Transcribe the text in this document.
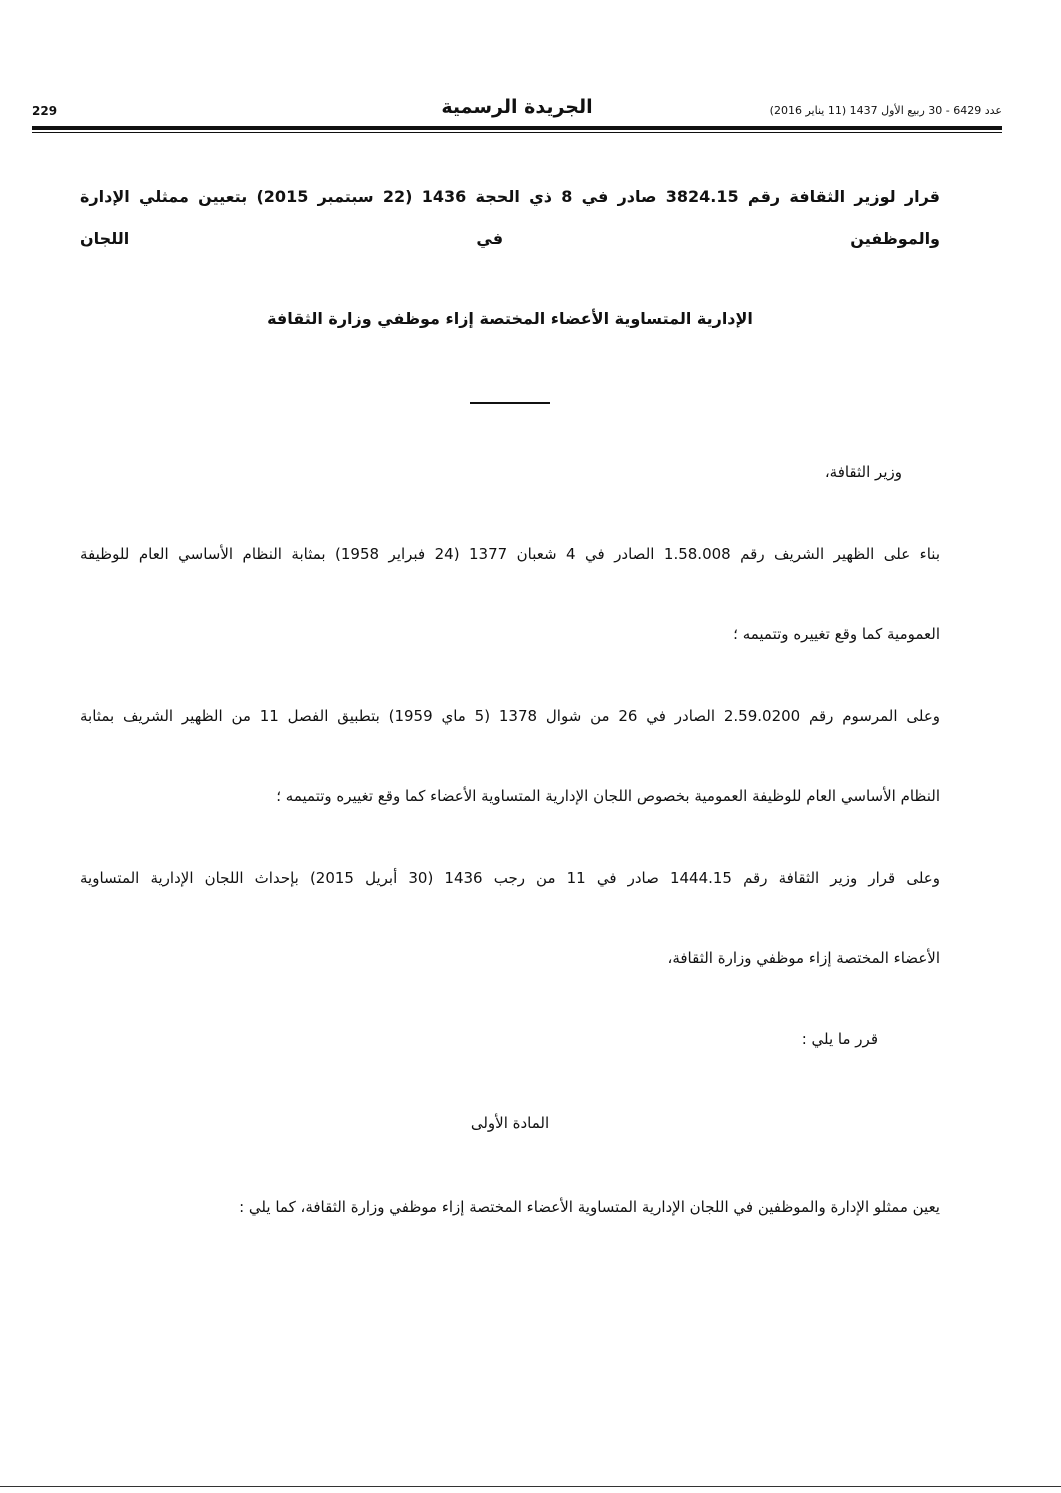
229	الجريدة الرسمية	عدد 6429 - 30 ربيع الأول 1437 (11 يناير 2016)

قرار لوزير الثقافة رقم 3824.15 صادر في 8 ذي الحجة 1436 (22 سبتمبر 2015) بتعيين ممثلي الإدارة والموظفين في اللجان

الإدارية المتساوية الأعضاء المختصة إزاء موظفي وزارة الثقافة

وزير الثقافة،

بناء على الظهير الشريف رقم 1.58.008 الصادر في 4 شعبان 1377 (24 فبراير 1958) بمثابة النظام الأساسي العام للوظيفة

العمومية كما وقع تغييره وتتميمه ؛

وعلى المرسوم رقم 2.59.0200 الصادر في 26 من شوال 1378 (5 ماي 1959) بتطبيق الفصل 11 من الظهير الشريف بمثابة

النظام الأساسي العام للوظيفة العمومية بخصوص اللجان الإدارية المتساوية الأعضاء كما وقع تغييره وتتميمه ؛

وعلى قرار وزير الثقافة رقم 1444.15 صادر في 11 من رجب 1436 (30 أبريل 2015) بإحداث اللجان الإدارية المتساوية

الأعضاء المختصة إزاء موظفي وزارة الثقافة،

قرر ما يلي :

المادة الأولى

يعين ممثلو الإدارة والموظفين في اللجان الإدارية المتساوية الأعضاء المختصة إزاء موظفي وزارة الثقافة، كما يلي :
